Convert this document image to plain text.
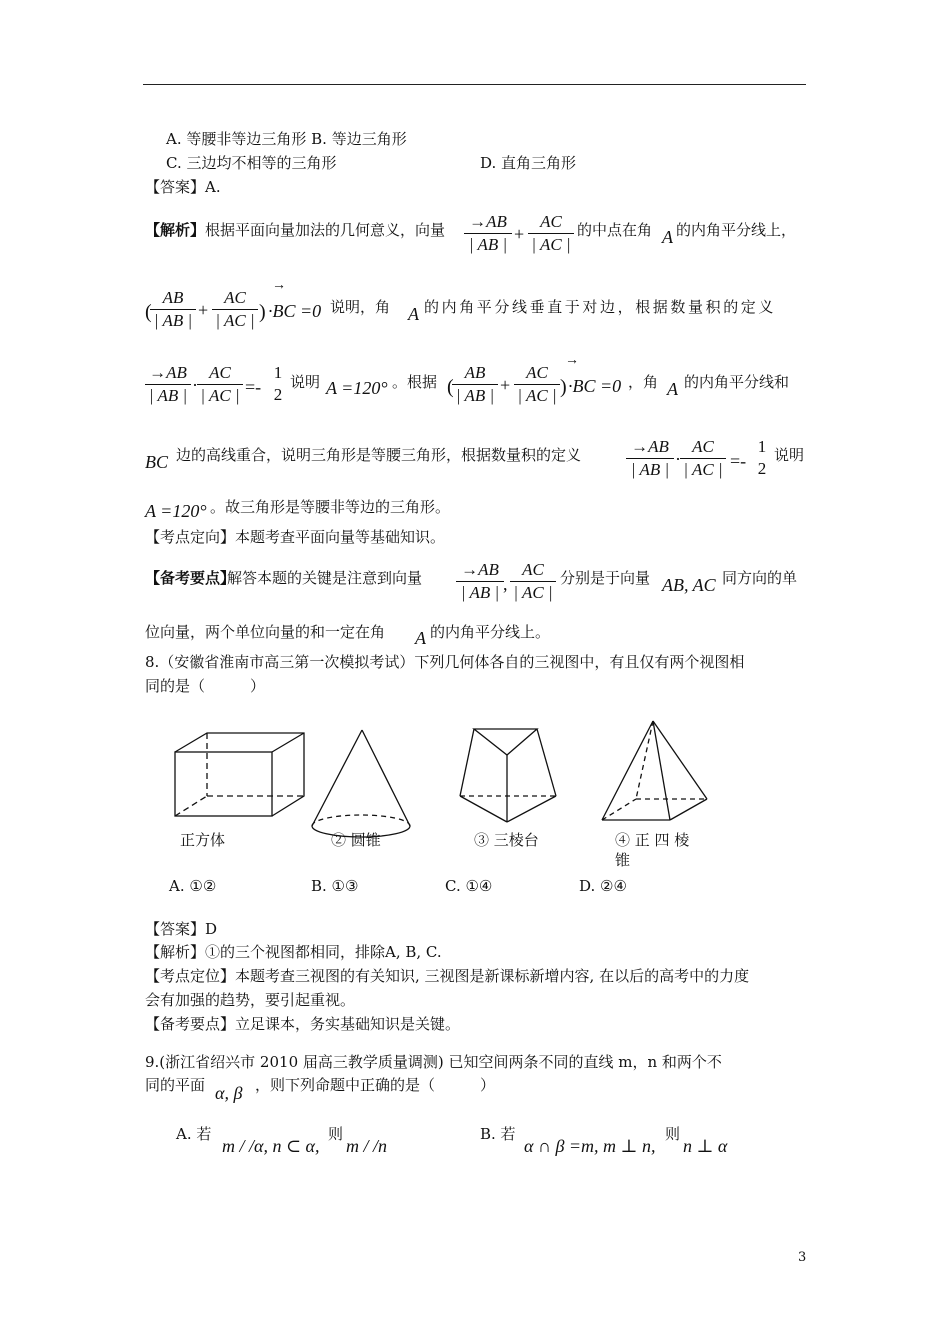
A. 等腰非等边三角形 B. 等边三角形
C. 三边均不相等的三角形	D. 直角三角形
【答案】A.
【解析】 根据平面向量加法的几何意义，向量 $\frac{\to AB}{| AB |} + \frac{AC}{| AC |}$ 的中点在角 A 的内角平分线上，
(
$\frac{AB}{| AB |} + \frac{AC}{| AC |}$ )
→
·BC =0 说明，角 A 的内角平分线垂直于对边，根据数量积的定义
$\frac{\to AB}{| AB |} \cdot \frac{AC}{| AC |}$ =-
1
2
说明 A =120° 。根据 (
$\frac{AB}{| AB |} + \frac{AC}{| AC |}$ )
→
·BC =0 ，角 A 的内角平分线和
BC 边的高线重合，说明三角形是等腰三角形，根据数量积的定义	$\frac{\to AB}{| AB |} \cdot \frac{AC}{| AC |}$ =-
1
2
说明
A =120° 。故三角形是等腰非等边的三角形。
【考点定向】本题考查平面向量等基础知识。
【备考要点】
解答本题的关键是注意到向量 $\frac{\to AB}{| AB |}$ , $\frac{AC}{| AC |}$ 分别是于向量 AB, AC 同方向的单
位向量，两个单位向量的和一定在角 A 的内角平分线上。
8.（安徽省淮南市高三第一次模拟考试）下列几何体各自的三视图中，有且仅有两个视图相
同的是（　　　）
正方体	② 圆锥	③ 三棱台	④ 正 四 棱
锥
A. ①②	B. ①③	C. ①④	D. ②④
【答案】D
【解析】①的三个视图都相同，排除A, B, C.
【考点定位】本题考查三视图的有关知识, 三视图是新课标新增内容, 在以后的高考中的力度
会有加强的趋势，要引起重视。
【备考要点】立足课本，务实基础知识是关键。
9.(浙江省绍兴市 2010 届高三教学质量调测) 已知空间两条不同的直线 m，n 和两个不
同的平面 α, β ，则下列命题中正确的是（　　　）
A. 若
m / /α, n ⊂ α,
则
m / /n
B. 若
α ∩ β =m, m ⊥ n,
则
n ⊥ α
3
